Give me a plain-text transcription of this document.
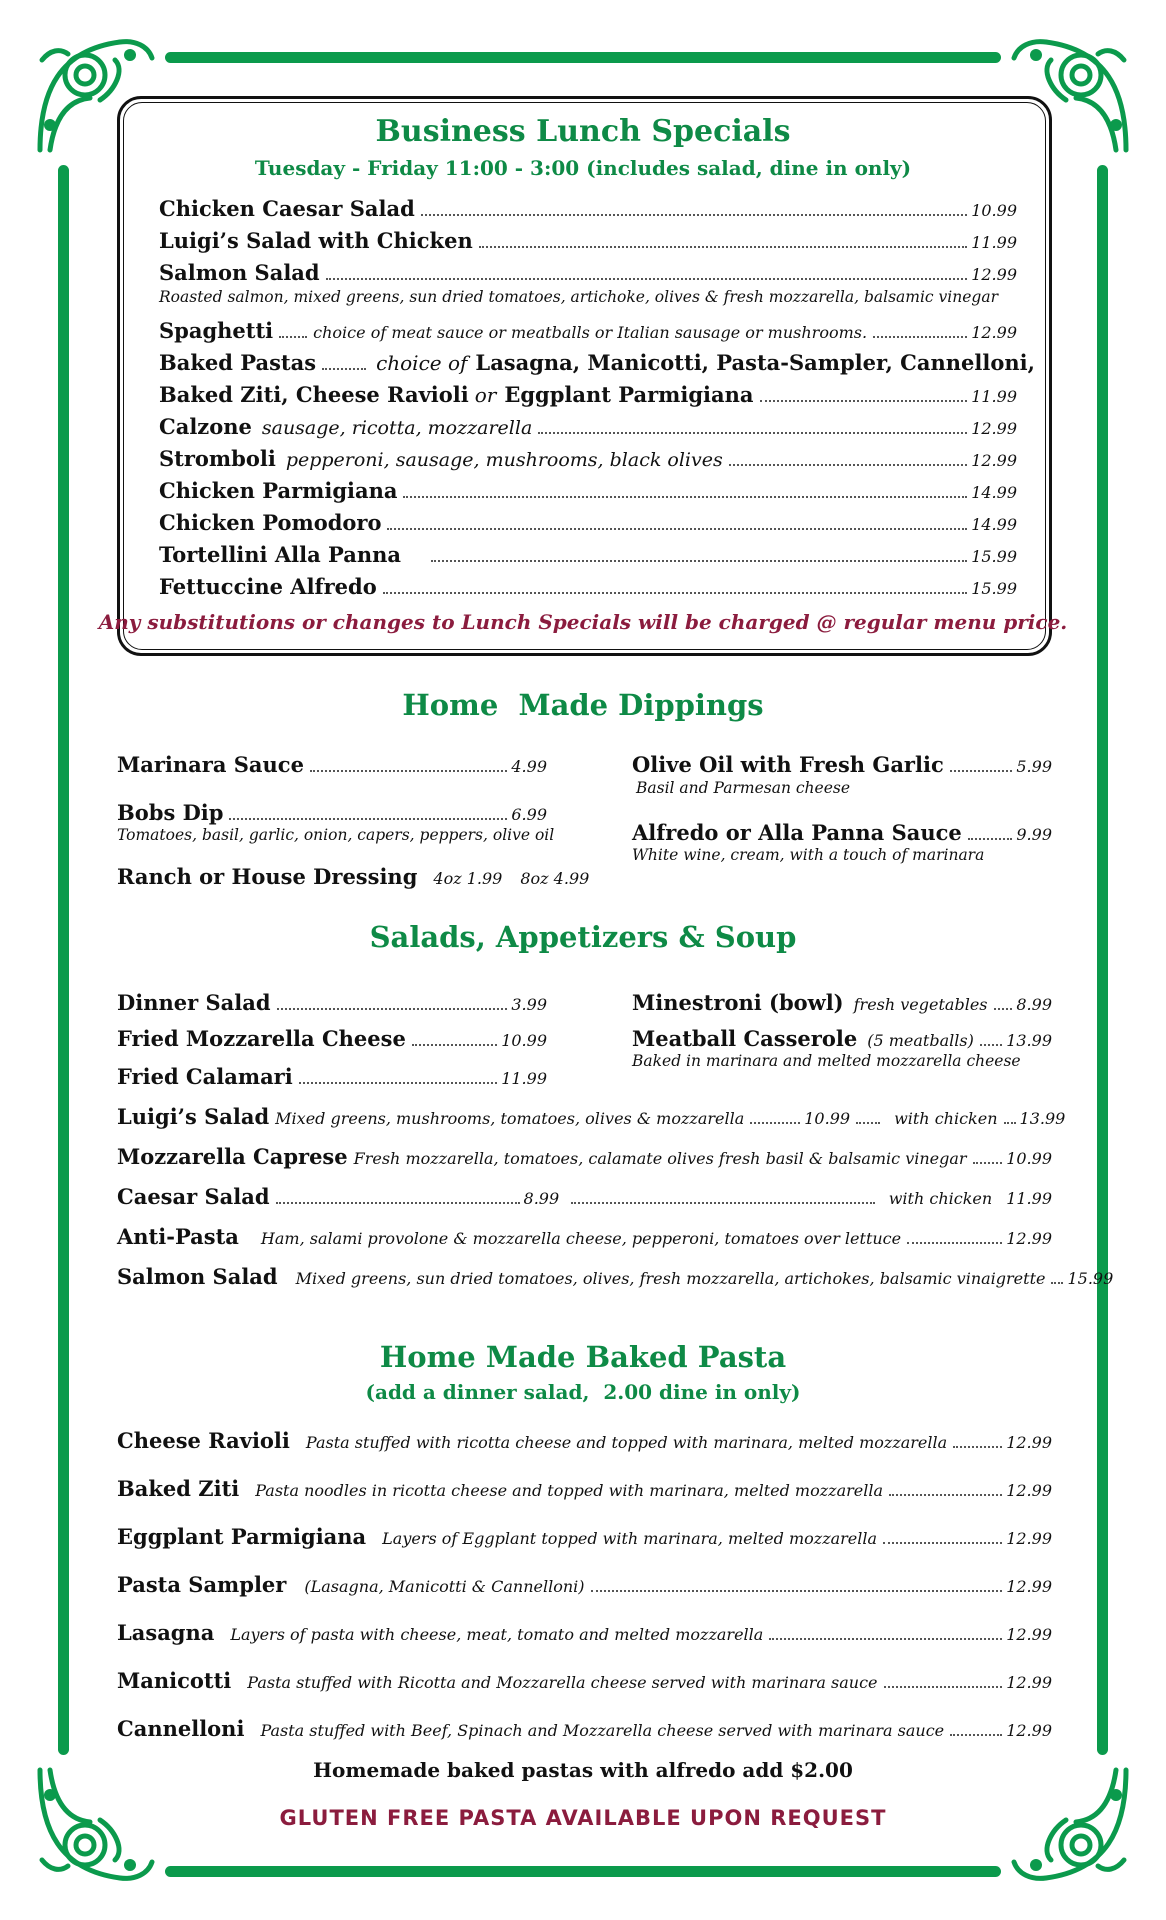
Business Lunch Specials
Tuesday - Friday 11:00 - 3:00 (includes salad, dine in only)
Chicken Caesar Salad	10.99
Luigi’s Salad with Chicken	11.99
Salmon Salad	12.99
Roasted salmon, mixed greens, sun dried tomatoes, artichoke, olives & fresh mozzarella, balsamic vinegar
Spaghetti	choice of meat sauce or meatballs or Italian sausage or mushrooms.	12.99
Baked Pastas	choice of Lasagna, Manicotti, Pasta-Sampler, Cannelloni,
Baked Ziti, Cheese Ravioli or Eggplant Parmigiana	11.99
Calzone sausage, ricotta, mozzarella	12.99
Stromboli pepperoni, sausage, mushrooms, black olives	12.99
Chicken Parmigiana	14.99
Chicken Pomodoro	14.99
Tortellini Alla Panna	15.99
Fettuccine Alfredo	15.99
Any substitutions or changes to Lunch Specials will be charged @ regular menu price.
Home  Made Dippings
Marinara Sauce	4.99
Bobs Dip	6.99
Tomatoes, basil, garlic, onion, capers, peppers, olive oil
Ranch or House Dressing 4oz 1.99 8oz 4.99
Olive Oil with Fresh Garlic	5.99
Basil and Parmesan cheese
Alfredo or Alla Panna Sauce	9.99
White wine, cream, with a touch of marinara
Salads, Appetizers & Soup
Dinner Salad	3.99
Fried Mozzarella Cheese	10.99
Fried Calamari	11.99
Minestroni (bowl) fresh vegetables 8.99
Meatball Casserole (5 meatballs) 13.99
Baked in marinara and melted mozzarella cheese
Luigi’s Salad Mixed greens, mushrooms, tomatoes, olives & mozzarella	10.99	with chicken 13.99
Mozzarella Caprese Fresh mozzarella, tomatoes, calamate olives fresh basil & balsamic vinegar 10.99
Caesar Salad	8.99	with chicken 11.99
Anti-Pasta Ham, salami provolone & mozzarella cheese, pepperoni, tomatoes over lettuce	12.99
Salmon Salad Mixed greens, sun dried tomatoes, olives, fresh mozzarella, artichokes, balsamic vinaigrette 15.99
Home Made Baked Pasta
(add a dinner salad,  2.00 dine in only)
Cheese Ravioli Pasta stuffed with ricotta cheese and topped with marinara, melted mozzarella	12.99
Baked Ziti Pasta noodles in ricotta cheese and topped with marinara, melted mozzarella	12.99
Eggplant Parmigiana Layers of Eggplant topped with marinara, melted mozzarella	12.99
Pasta Sampler (Lasagna, Manicotti & Cannelloni)	12.99
Lasagna Layers of pasta with cheese, meat, tomato and melted mozzarella	12.99
Manicotti Pasta stuffed with Ricotta and Mozzarella cheese served with marinara sauce	12.99
Cannelloni Pasta stuffed with Beef, Spinach and Mozzarella cheese served with marinara sauce	12.99
Homemade baked pastas with alfredo add $2.00
GLUTEN FREE PASTA AVAILABLE UPON REQUEST
